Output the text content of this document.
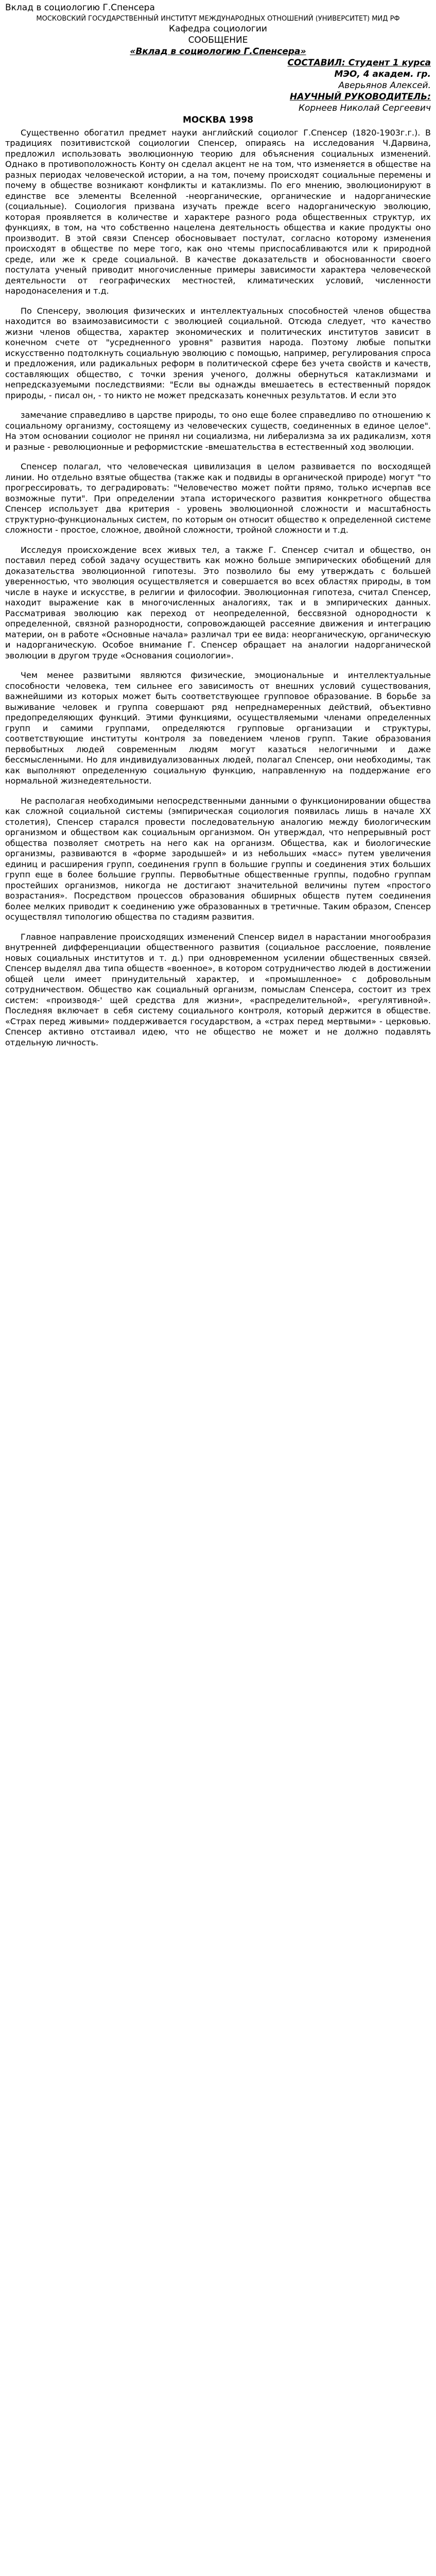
Вклад в социологию Г.Спенсера
МОСКОВСКИЙ ГОСУДАРСТВЕННЫЙ ИНСТИТУТ МЕЖДУНАРОДНЫХ ОТНОШЕНИЙ (УНИВЕРСИТЕТ) МИД РФ
Кафедра социологии
СООБЩЕНИЕ
«Вклад в социологию Г.Спенсера»
СОСТАВИЛ: Студент 1 курса
МЭО, 4 академ. гр.
Аверьянов Алексей.
НАУЧНЫЙ РУКОВОДИТЕЛЬ:
Корнеев Николай Сергеевич
МОСКВА 1998

Существенно обогатил предмет науки английский социолог Г.Спенсер (1820-1903г.г.). В традициях позитивистской социологии Спенсер, опираясь на исследования Ч.Дарвина, предложил использовать эволюционную теорию для объяснения социальных изменений. Однако в противоположность Конту он сделал акцент не на том, что изменяется в обществе на разных периодах человеческой истории, а на том, почему происходят социальные перемены и почему в обществе возникают конфликты и катаклизмы. По его мнению, эволюционируют в единстве все элементы Вселенной -неорганические, органические и надорганические (социальные). Социология призвана изучать прежде всего надорганическую эволюцию, которая проявляется в количестве и характере разного рода общественных структур, их функциях, в том, на что собственно нацелена деятельность общества и какие продукты оно производит. В этой связи Спенсер обосновывает постулат, согласно которому изменения происходят в обществе по мере того, как оно чтемы приспосабливаются или к природной среде, или же к среде социальной. В качестве доказательств и обоснованности своего постулата ученый приводит многочисленные примеры зависимости характера человеческой деятельности от географических местностей, климатических условий, численности народонаселения и т.д.

По Спенсеру, эволюция физических и интеллектуальных способностей членов общества находится во взаимозависимости с эволюцией социальной. Отсюда следует, что качество жизни членов общества, характер экономических и политических институтов зависит в конечном счете от "усредненного уровня" развития народа. Поэтому любые попытки искусственно подтолкнуть социальную эволюцию с помощью, например, регулирования спроса и предложения, или радикальных реформ в политической сфере без учета свойств и качеств, составляющих общество, с точки зрения ученого, должны обернуться катаклизмами и непредсказуемыми последствиями: "Если вы однажды вмешаетесь в естественный порядок природы, - писал он, - то никто не может предсказать конечных результатов. И если это

замечание справедливо в царстве природы, то оно еще более справедливо по отношению к социальному организму, состоящему из человеческих существ, соединенных в единое целое". На этом основании социолог не принял ни социализма, ни либерализма за их радикализм, хотя и разные - революционные и реформистские -вмешательства в естественный ход эволюции.

Спенсер полагал, что человеческая цивилизация в целом развивается по восходящей линии. Но отдельно взятые общества (также как и подвиды в органической природе) могут "то прогрессировать, то деградировать: "Человечество может пойти прямо, только исчерпав все возможные пути". При определении этапа исторического развития конкретного общества Спенсер использует два критерия - уровень эволюционной сложности и масштабность структурно-функциональных систем, по которым он относит общество к определенной системе сложности - простое, сложное, двойной сложности, тройной сложности и т.д.

Исследуя происхождение всех живых тел, а также Г. Спенсер считал и общество, он поставил перед собой задачу осуществить как можно больше эмпирических обобщений для доказательства эволюционной гипотезы. Это позволило бы ему утверждать с большей уверенностью, что эволюция осуществляется и совершается во всех областях природы, в том числе в науке и искусстве, в религии и философии. Эволюционная гипотеза, считал Спенсер, находит выражение как в многочисленных аналогиях, так и в эмпирических данных. Рассматривая эволюцию как переход от неопределенной, бессвязной однородности к определенной, связной разнородности, сопровождающей рассеяние движения и интеграцию материи, он в работе «Основные начала» различал три ее вида: неорганическую, органическую и надорганическую. Особое внимание Г. Спенсер обращает на аналогии надорганической эволюции в другом труде «Основания социологии».

Чем менее развитыми являются физические, эмоциональные и интеллектуальные способности человека, тем сильнее его зависимость от внешних условий существования, важнейшими из которых может быть соответствующее групповое образование. В борьбе за выживание человек и группа совершают ряд непреднамеренных действий, объективно предопределяющих функций. Этими функциями, осуществляемыми членами определенных групп и самими группами, определяются групповые организации и структуры, соответствующие институты контроля за поведением членов групп. Такие образования первобытных людей современным людям могут казаться нелогичными и даже бессмысленными. Но для индивидуализованных людей, полагал Спенсер, они необходимы, так как выполняют определенную социальную функцию, направленную на поддержание его нормальной жизнедеятельности.

Не располагая необходимыми непосредственными данными о функционировании общества как сложной социальной системы (эмпирическая социология появилась лишь в начале ХХ столетия), Спенсер старался провести последовательную аналогию между биологическим организмом и обществом как социальным организмом. Он утверждал, что непрерывный рост общества позволяет смотреть на него как на организм. Общества, как и биологические организмы, развиваются в «форме зародышей» и из небольших «масс» путем увеличения единиц и расширения групп, соединения групп в большие группы и соединения этих больших групп еще в более большие группы. Первобытные общественные группы, подобно группам простейших организмов, никогда не достигают значительной величины путем «простого возрастания». Посредством процессов образования обширных обществ путем соединения более мелких приводит к соединению уже образованных в третичные. Таким образом, Спенсер осуществлял типологию общества по стадиям развития.

Главное направление происходящих изменений Спенсер видел в нарастании многообразия внутренней дифференциации общественного развития (социальное расслоение, появление новых социальных институтов и т. д.) при одновременном усилении общественных связей. Спенсер выделял два типа обществ «военное», в котором сотрудничество людей в достижении общей цели имеет принудительный характер, и «промышленное» с добровольным сотрудничеством. Общество как социальный организм, помыслам Спенсера, состоит из трех систем: «производя-' щей средства для жизни», «распределительной», «регулятивной». Последняя включает в себя систему социального контроля, который держится в обществе. «Страх перед живыми» поддерживается государством, а «страх перед мертвыми» - церковью. Спенсер активно отстаивал идею, что не общество не может и не должно подавлять отдельную личность.
